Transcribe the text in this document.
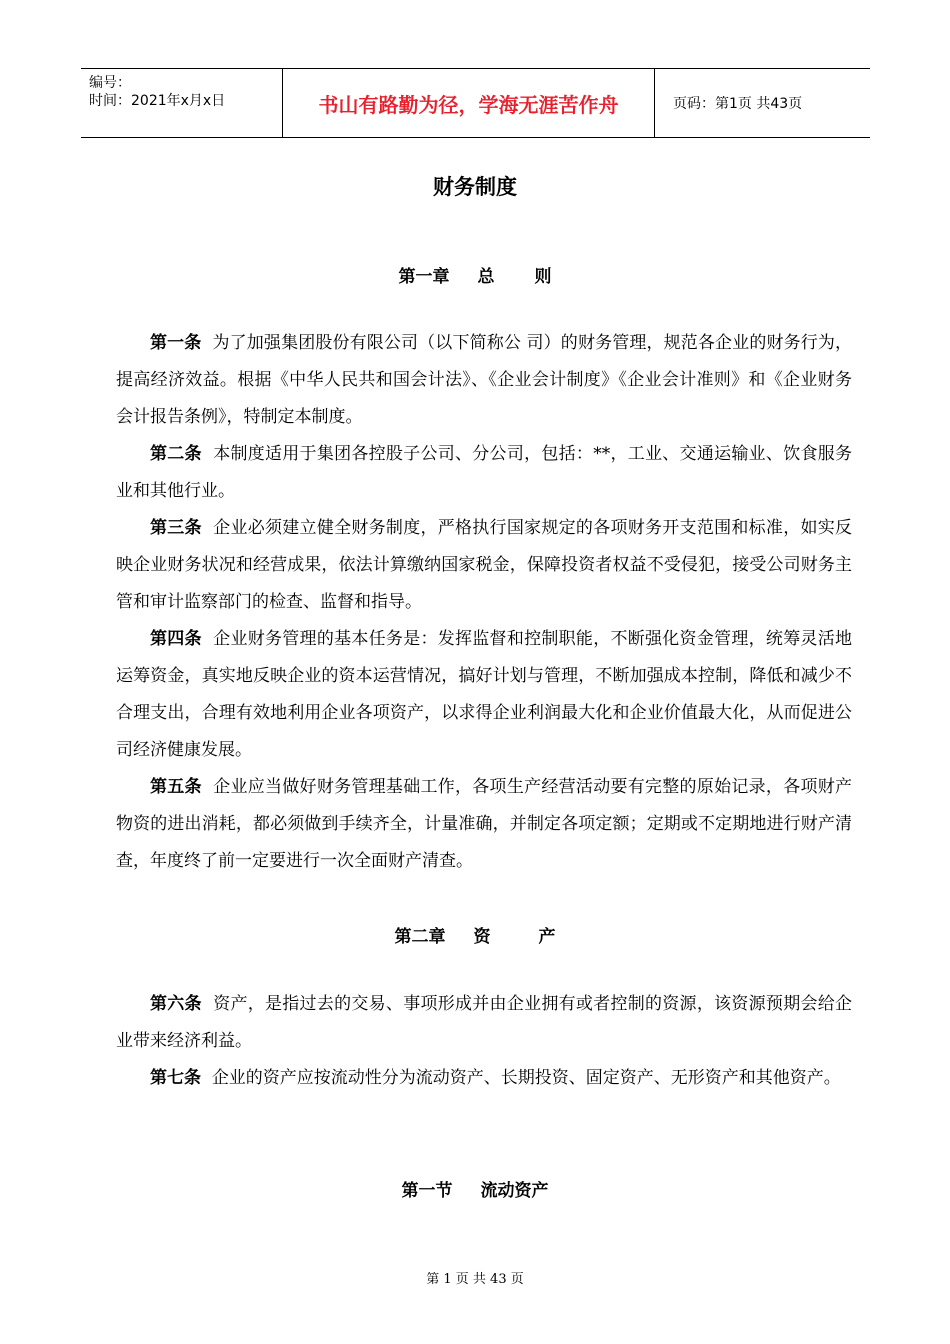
编号：
时间：2021年x月x日	书山有路勤为径，学海无涯苦作舟	页码：第1页 共43页
财务制度
第一章 总 则
第一条 为了加强集团股份有限公司（以下简称公 司）的财务管理，规范各企业的财务行为，提高经济效益。根据《中华人民共和国会计法》、《企业会计制度》《企业会计准则》和《企业财务会计报告条例》，特制定本制度。
第二条 本制度适用于集团各控股子公司、分公司，包括：**，工业、交通运输业、饮食服务业和其他行业。
第三条 企业必须建立健全财务制度，严格执行国家规定的各项财务开支范围和标准，如实反映企业财务状况和经营成果，依法计算缴纳国家税金，保障投资者权益不受侵犯，接受公司财务主管和审计监察部门的检查、监督和指导。
第四条 企业财务管理的基本任务是：发挥监督和控制职能，不断强化资金管理，统筹灵活地运筹资金，真实地反映企业的资本运营情况，搞好计划与管理，不断加强成本控制，降低和减少不合理支出，合理有效地利用企业各项资产，以求得企业利润最大化和企业价值最大化，从而促进公司经济健康发展。
第五条 企业应当做好财务管理基础工作，各项生产经营活动要有完整的原始记录，各项财产物资的进出消耗，都必须做到手续齐全，计量准确，并制定各项定额；定期或不定期地进行财产清查，年度终了前一定要进行一次全面财产清查。
第二章 资	产
第六条 资产，是指过去的交易、事项形成并由企业拥有或者控制的资源，该资源预期会给企业带来经济利益。
第七条 企业的资产应按流动性分为流动资产、长期投资、固定资产、无形资产和其他资产。
第一节 流动资产
第 1 页 共 43 页
